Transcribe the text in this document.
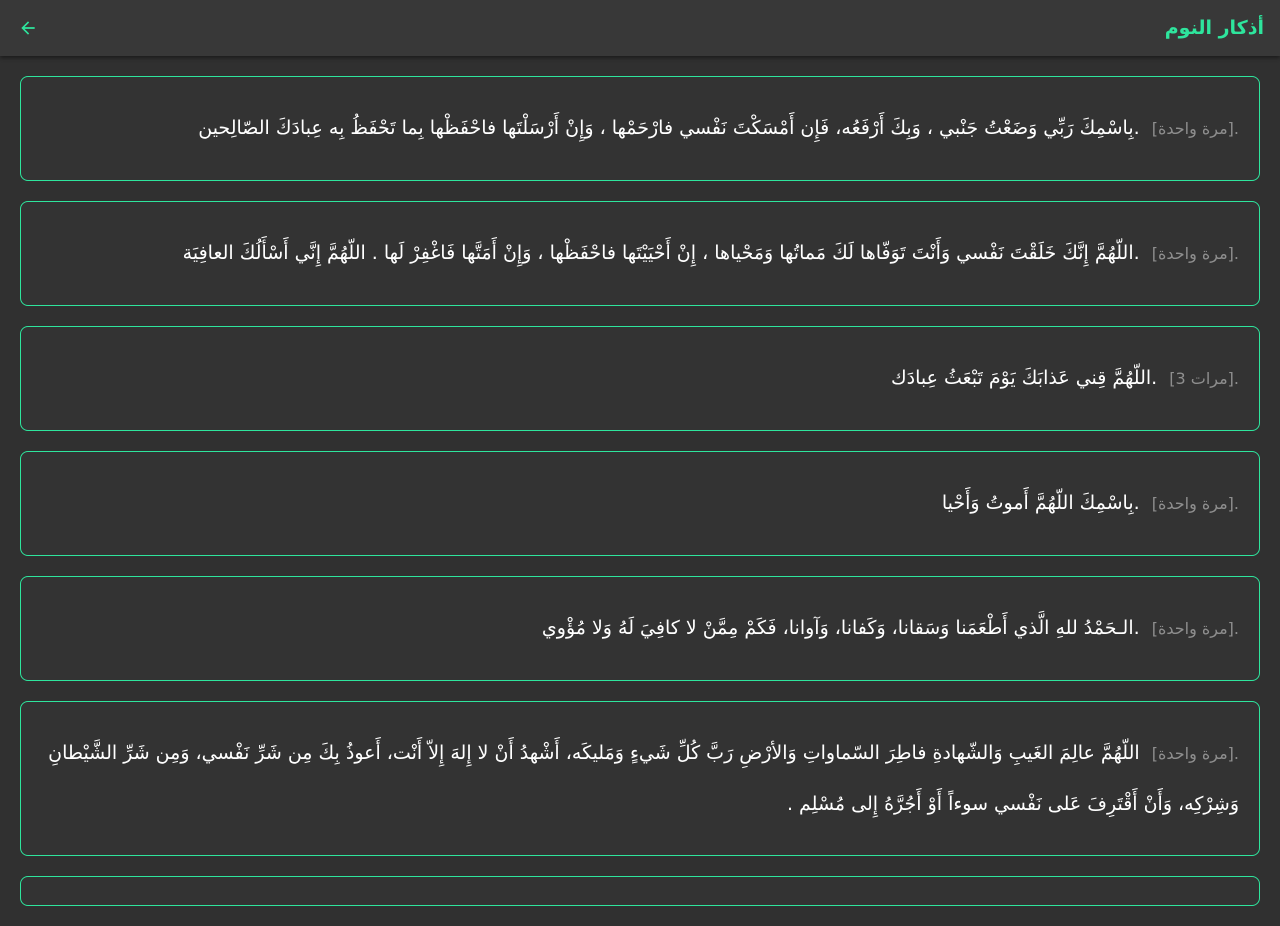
أذكار النوم
.[مرة واحدة] .بِاسْمِكَ رَبِّي وَضَعْتُ جَنْبي ، وَبِكَ أَرْفَعُه، فَإِن أَمْسَكْتَ نَفْسي فارْحَمْها ، وَإِنْ أَرْسَلْتَها فاحْفَظْها بِما تَحْفَظُ بِه عِبادَكَ الصّالِحين
.[مرة واحدة] .اللّهُمَّ إِنَّكَ خَلَقْتَ نَفْسي وَأَنْتَ تَوَفّاها لَكَ مَماتُها وَمَحْياها ، إِنْ أَحْيَيْتَها فاحْفَظْها ، وَإِنْ أَمَتَّها فَاغْفِرْ لَها . اللّهُمَّ إِنَّي أَسْأَلُكَ العافِيَة
.[مرات 3] .اللّهُمَّ قِني عَذابَكَ يَوْمَ تَبْعَثُ عِبادَك
.[مرة واحدة] .بِاسْمِكَ اللّهُمَّ أَموتُ وَأَحْيا
.[مرة واحدة] .الـحَمْدُ للهِ الَّذي أَطْعَمَنا وَسَقانا، وَكَفانا، وَآوانا، فَكَمْ مِمَّنْ لا كافِيَ لَهُ وَلا مُؤْوي
.[مرة واحدة] اللّهُمَّ عالِمَ الغَيبِ وَالشّهادةِ فاطِرَ السّماواتِ وَالأرْضِ رَبَّ كُلِّ شَيءٍ وَمَليكَه، أَشْهدُ أَنْ لا إِلهَ إِلاّ أَنْت، أَعوذُ بِكَ مِن شَرِّ نَفْسي، وَمِن شَرِّ الشَّيْطانِ وَشِرْكِه، وَأَنْ أَقْتَرِفَ عَلى نَفْسي سوءاً أَوْ أَجُرَّهُ إِلى مُسْلِم .
